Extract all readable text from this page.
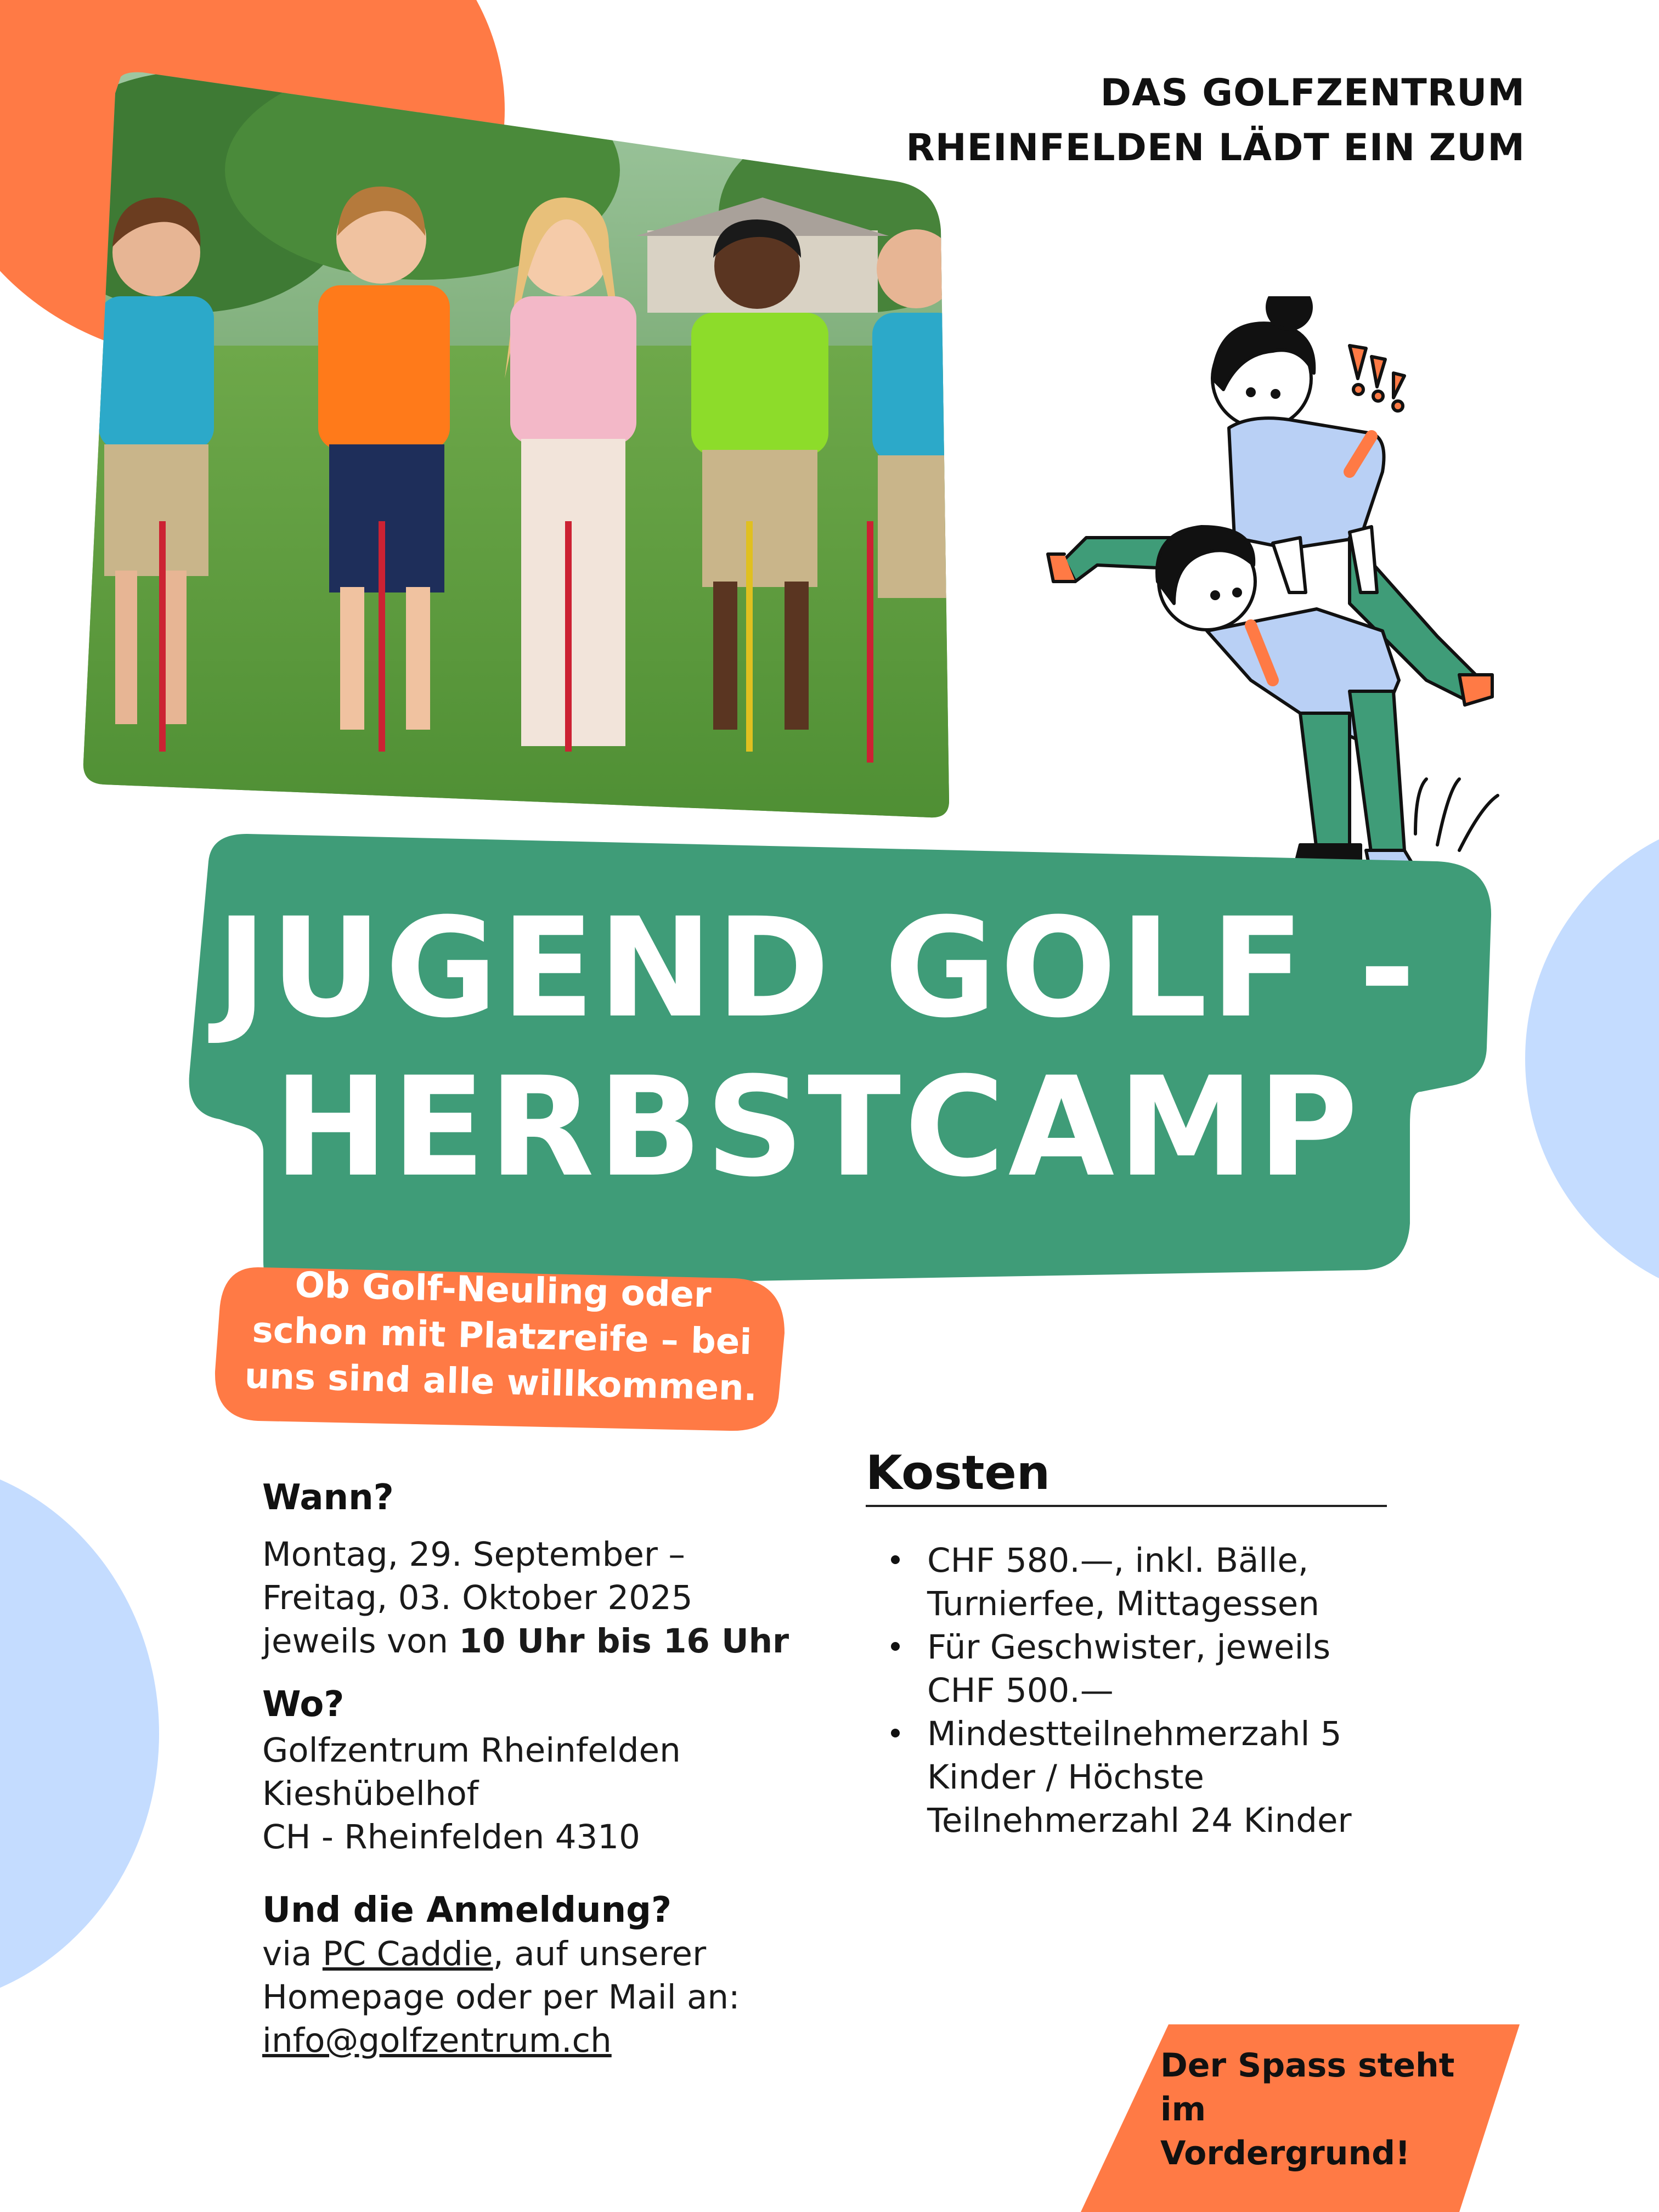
DAS GOLFZENTRUM
RHEINFELDEN LÄDT EIN ZUM
JUGEND GOLF -
HERBSTCAMP
Ob Golf-Neuling oder
schon mit Platzreife – bei
uns sind alle willkommen.
Wann?
Montag, 29. September –
Freitag, 03. Oktober 2025
jeweils von 10 Uhr bis 16 Uhr
Wo?
Golfzentrum Rheinfelden
Kieshübelhof
CH - Rheinfelden 4310
Und die Anmeldung?
via PC Caddie, auf unserer
Homepage oder per Mail an:
info@golfzentrum.ch
Kosten
CHF 580.—, inkl. Bälle,
Turnierfee, Mittagessen
Für Geschwister, jeweils
CHF 500.—
Mindestteilnehmerzahl 5
Kinder / Höchste
Teilnehmerzahl 24 Kinder
Der Spass steht im
Vordergrund!
